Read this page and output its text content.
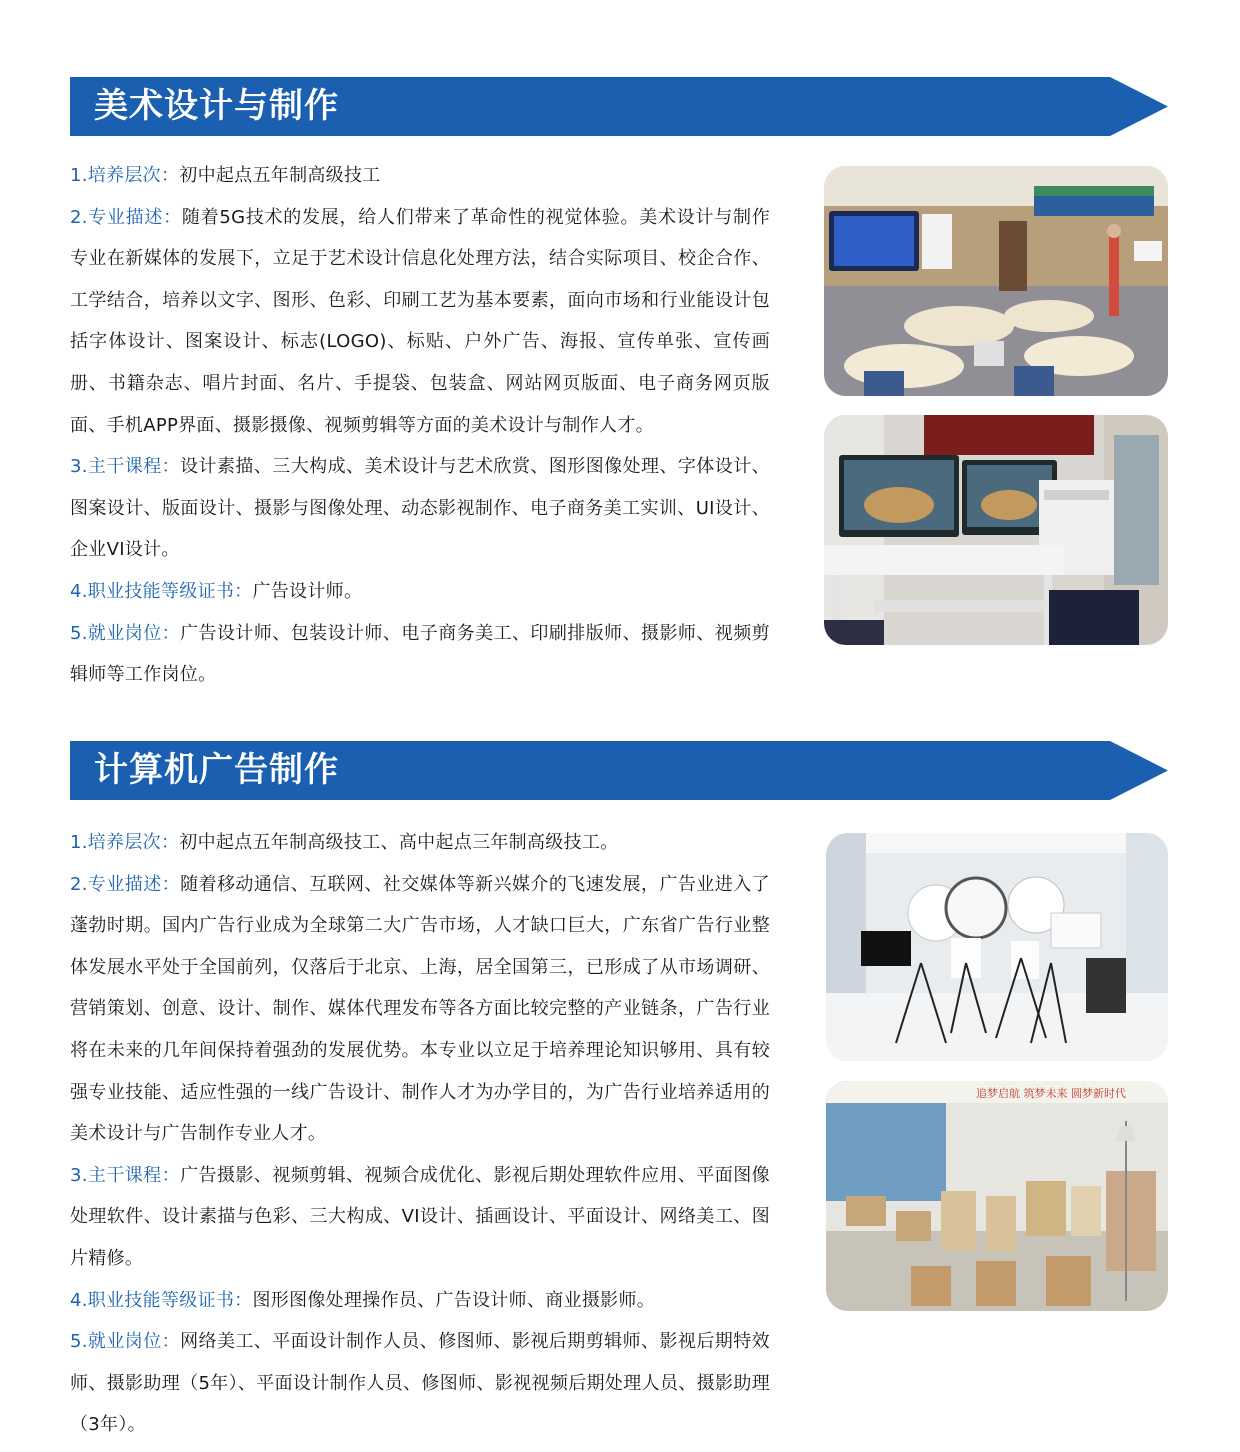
美术设计与制作

1.培养层次：初中起点五年制高级技工

2.专业描述：随着5G技术的发展，给人们带来了革命性的视觉体验。美术设计与制作专业在新媒体的发展下，立足于艺术设计信息化处理方法，结合实际项目、校企合作、工学结合，培养以文字、图形、色彩、印刷工艺为基本要素，面向市场和行业能设计包括字体设计、图案设计、标志(LOGO)、标贴、户外广告、海报、宣传单张、宣传画册、书籍杂志、唱片封面、名片、手提袋、包装盒、网站网页版面、电子商务网页版面、手机APP界面、摄影摄像、视频剪辑等方面的美术设计与制作人才。

3.主干课程：设计素描、三大构成、美术设计与艺术欣赏、图形图像处理、字体设计、图案设计、版面设计、摄影与图像处理、动态影视制作、电子商务美工实训、UI设计、企业VI设计。

4.职业技能等级证书：广告设计师。

5.就业岗位：广告设计师、包装设计师、电子商务美工、印刷排版师、摄影师、视频剪辑师等工作岗位。

计算机广告制作

1.培养层次：初中起点五年制高级技工、高中起点三年制高级技工。

2.专业描述：随着移动通信、互联网、社交媒体等新兴媒介的飞速发展，广告业进入了蓬勃时期。国内广告行业成为全球第二大广告市场，人才缺口巨大，广东省广告行业整体发展水平处于全国前列，仅落后于北京、上海，居全国第三，已形成了从市场调研、营销策划、创意、设计、制作、媒体代理发布等各方面比较完整的产业链条，广告行业将在未来的几年间保持着强劲的发展优势。本专业以立足于培养理论知识够用、具有较强专业技能、适应性强的一线广告设计、制作人才为办学目的，为广告行业培养适用的美术设计与广告制作专业人才。

3.主干课程：广告摄影、视频剪辑、视频合成优化、影视后期处理软件应用、平面图像处理软件、设计素描与色彩、三大构成、VI设计、插画设计、平面设计、网络美工、图片精修。

4.职业技能等级证书：图形图像处理操作员、广告设计师、商业摄影师。

5.就业岗位：网络美工、平面设计制作人员、修图师、影视后期剪辑师、影视后期特效师、摄影助理（5年）、平面设计制作人员、修图师、影视视频后期处理人员、摄影助理（3年）。

追梦启航 筑梦未来 圆梦新时代
